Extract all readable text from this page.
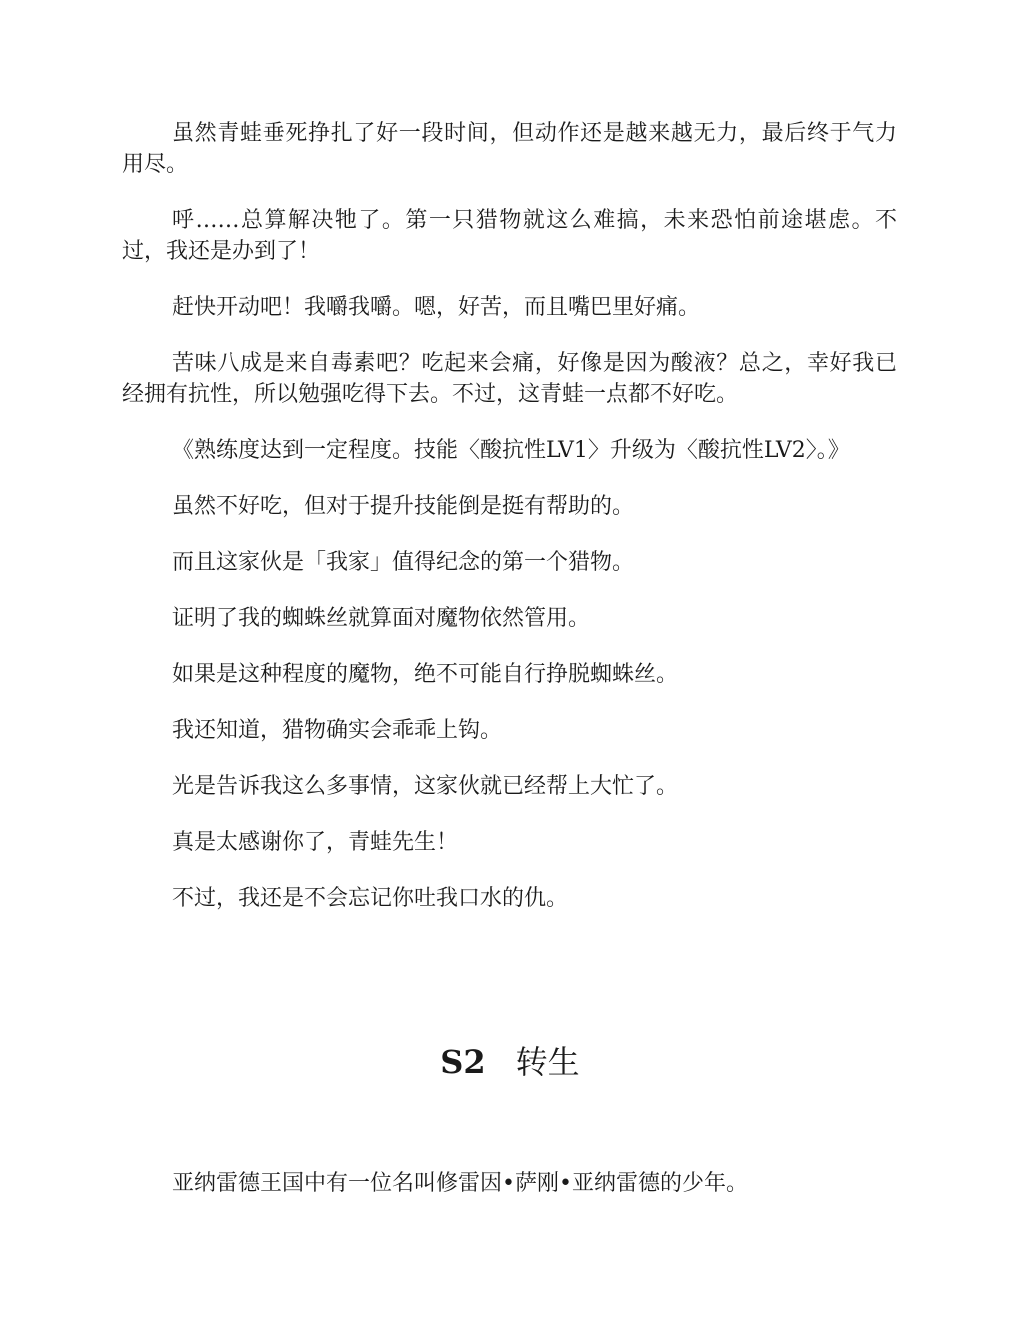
虽然青蛙垂死挣扎了好一段时间，但动作还是越来越无力，最后终于气力用尽。

呼……总算解决牠了。第一只猎物就这么难搞，未来恐怕前途堪虑。不过，我还是办到了！

赶快开动吧！我嚼我嚼。嗯，好苦，而且嘴巴里好痛。

苦味八成是来自毒素吧？吃起来会痛，好像是因为酸液？总之，幸好我已经拥有抗性，所以勉强吃得下去。不过，这青蛙一点都不好吃。

《熟练度达到一定程度。技能〈酸抗性LV1〉升级为〈酸抗性LV2〉。》

虽然不好吃，但对于提升技能倒是挺有帮助的。

而且这家伙是「我家」值得纪念的第一个猎物。

证明了我的蜘蛛丝就算面对魔物依然管用。

如果是这种程度的魔物，绝不可能自行挣脱蜘蛛丝。

我还知道，猎物确实会乖乖上钩。

光是告诉我这么多事情，这家伙就已经帮上大忙了。

真是太感谢你了，青蛙先生！

不过，我还是不会忘记你吐我口水的仇。

S2 转生

亚纳雷德王国中有一位名叫修雷因•萨刚•亚纳雷德的少年。
